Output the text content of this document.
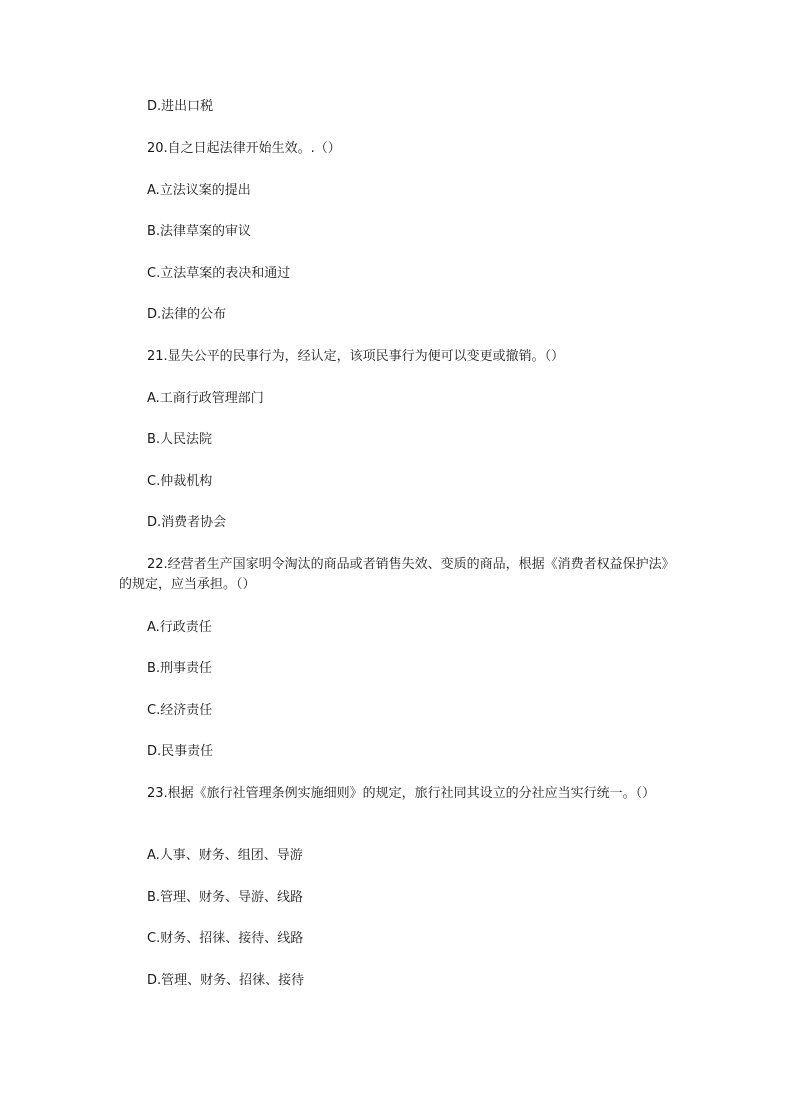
D.进出口税

20.自之日起法律开始生效。.（）

A.立法议案的提出

B.法律草案的审议

C.立法草案的表决和通过

D.法律的公布

21.显失公平的民事行为，经认定，该项民事行为便可以变更或撤销。（）

A.工商行政管理部门

B.人民法院

C.仲裁机构

D.消费者协会

22.经营者生产国家明令淘汰的商品或者销售失效、变质的商品，根据《消费者权益保护法》的规定，应当承担。（）

A.行政责任

B.刑事责任

C.经济责任

D.民事责任

23.根据《旅行社管理条例实施细则》的规定，旅行社同其设立的分社应当实行统一。（）

A.人事、财务、组团、导游

B.管理、财务、导游、线路

C.财务、招徕、接待、线路

D.管理、财务、招徕、接待
